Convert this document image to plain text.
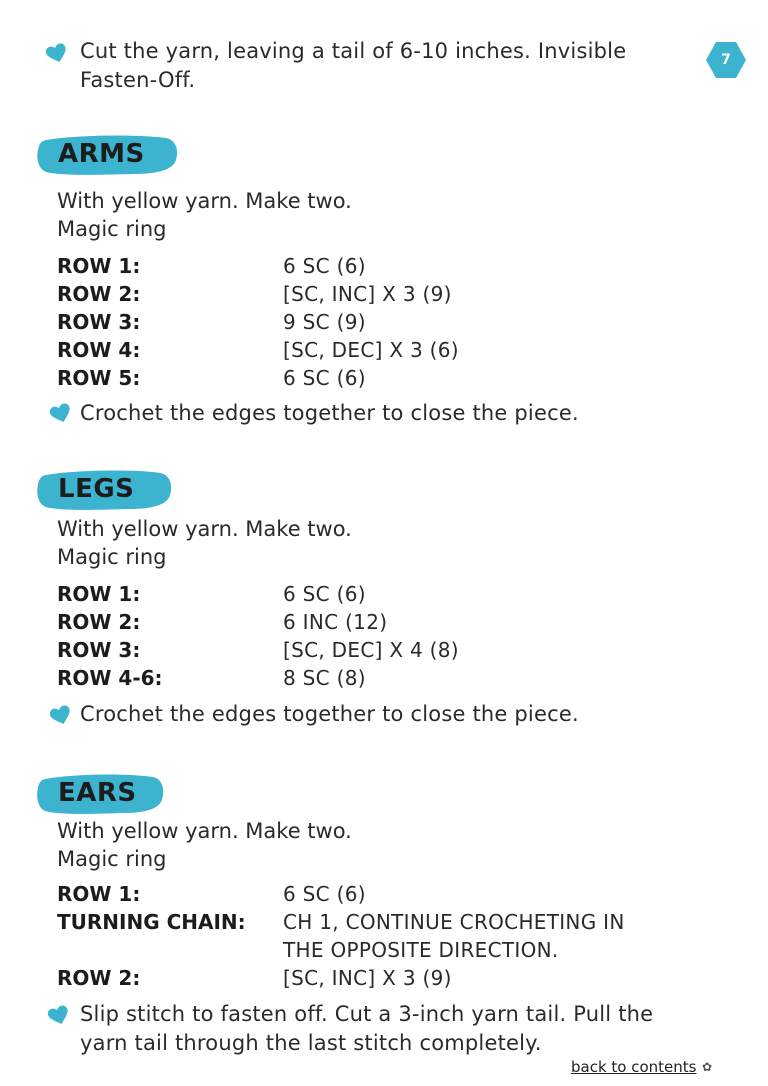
7
Cut the yarn, leaving a tail of 6-10 inches. Invisible
Fasten-Off.
ARMS
With yellow yarn. Make two.
Magic ring
ROW 1:	6 SC (6)
ROW 2:	[SC, INC] X 3 (9)
ROW 3:	9 SC (9)
ROW 4:	[SC, DEC] X 3 (6)
ROW 5:	6 SC (6)
Crochet the edges together to close the piece.
LEGS
With yellow yarn. Make two.
Magic ring
ROW 1:	6 SC (6)
ROW 2:	6 INC (12)
ROW 3:	[SC, DEC] X 4 (8)
ROW 4-6:	8 SC (8)
Crochet the edges together to close the piece.
EARS
With yellow yarn. Make two.
Magic ring
ROW 1:	6 SC (6)
TURNING CHAIN:	CH 1, CONTINUE CROCHETING IN
THE OPPOSITE DIRECTION.
ROW 2:	[SC, INC] X 3 (9)
Slip stitch to fasten off. Cut a 3-inch yarn tail. Pull the
yarn tail through the last stitch completely.
back to contents ✿
